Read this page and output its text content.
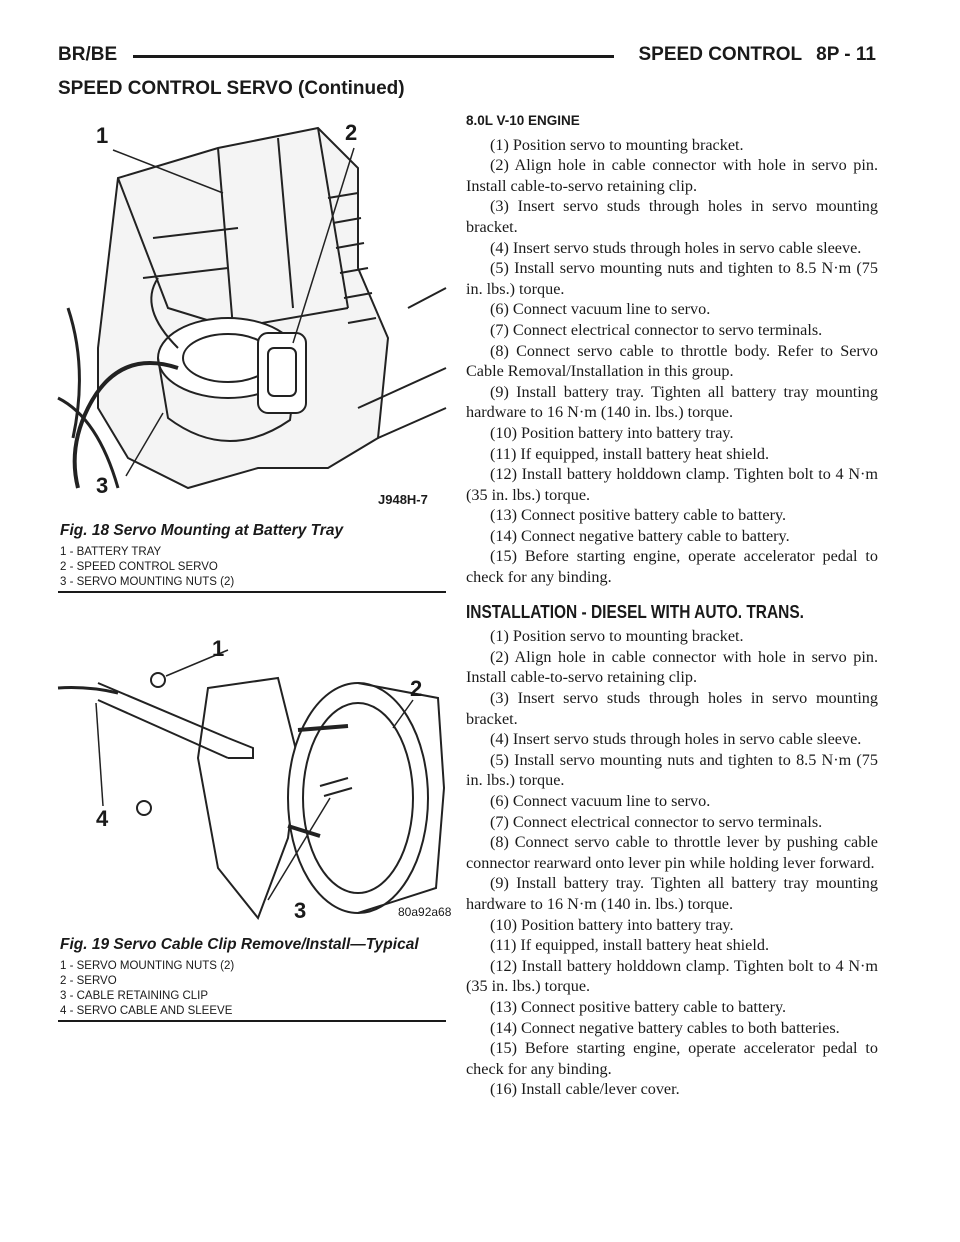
BR/BE	SPEED CONTROL 8P - 11
SPEED CONTROL SERVO (Continued)
1	2
3
J948H-7
Fig. 18 Servo Mounting at Battery Tray
1 - BATTERY TRAY
2 - SPEED CONTROL SERVO
3 - SERVO MOUNTING NUTS (2)
1
2
3
4
80a92a68
Fig. 19 Servo Cable Clip Remove/Install—Typical
1 - SERVO MOUNTING NUTS (2)
2 - SERVO
3 - CABLE RETAINING CLIP
4 - SERVO CABLE AND SLEEVE

8.0L V-10 ENGINE

(1) Position servo to mounting bracket.

(2) Align hole in cable connector with hole in servo pin. Install cable-to-servo retaining clip.

(3) Insert servo studs through holes in servo mounting bracket.

(4) Insert servo studs through holes in servo cable sleeve.

(5) Install servo mounting nuts and tighten to 8.5 N·m (75 in. lbs.) torque.

(6) Connect vacuum line to servo.

(7) Connect electrical connector to servo terminals.

(8) Connect servo cable to throttle body. Refer to Servo Cable Removal/Installation in this group.

(9) Install battery tray. Tighten all battery tray mounting hardware to 16 N·m (140 in. lbs.) torque.

(10) Position battery into battery tray.

(11) If equipped, install battery heat shield.

(12) Install battery holddown clamp. Tighten bolt to 4 N·m (35 in. lbs.) torque.

(13) Connect positive battery cable to battery.

(14) Connect negative battery cable to battery.

(15) Before starting engine, operate accelerator pedal to check for any binding.

INSTALLATION - DIESEL WITH AUTO. TRANS.

(1) Position servo to mounting bracket.

(2) Align hole in cable connector with hole in servo pin. Install cable-to-servo retaining clip.

(3) Insert servo studs through holes in servo mounting bracket.

(4) Insert servo studs through holes in servo cable sleeve.

(5) Install servo mounting nuts and tighten to 8.5 N·m (75 in. lbs.) torque.

(6) Connect vacuum line to servo.

(7) Connect electrical connector to servo terminals.

(8) Connect servo cable to throttle lever by pushing cable connector rearward onto lever pin while holding lever forward.

(9) Install battery tray. Tighten all battery tray mounting hardware to 16 N·m (140 in. lbs.) torque.

(10) Position battery into battery tray.

(11) If equipped, install battery heat shield.

(12) Install battery holddown clamp. Tighten bolt to 4 N·m (35 in. lbs.) torque.

(13) Connect positive battery cable to battery.

(14) Connect negative battery cables to both batteries.

(15) Before starting engine, operate accelerator pedal to check for any binding.

(16) Install cable/lever cover.
